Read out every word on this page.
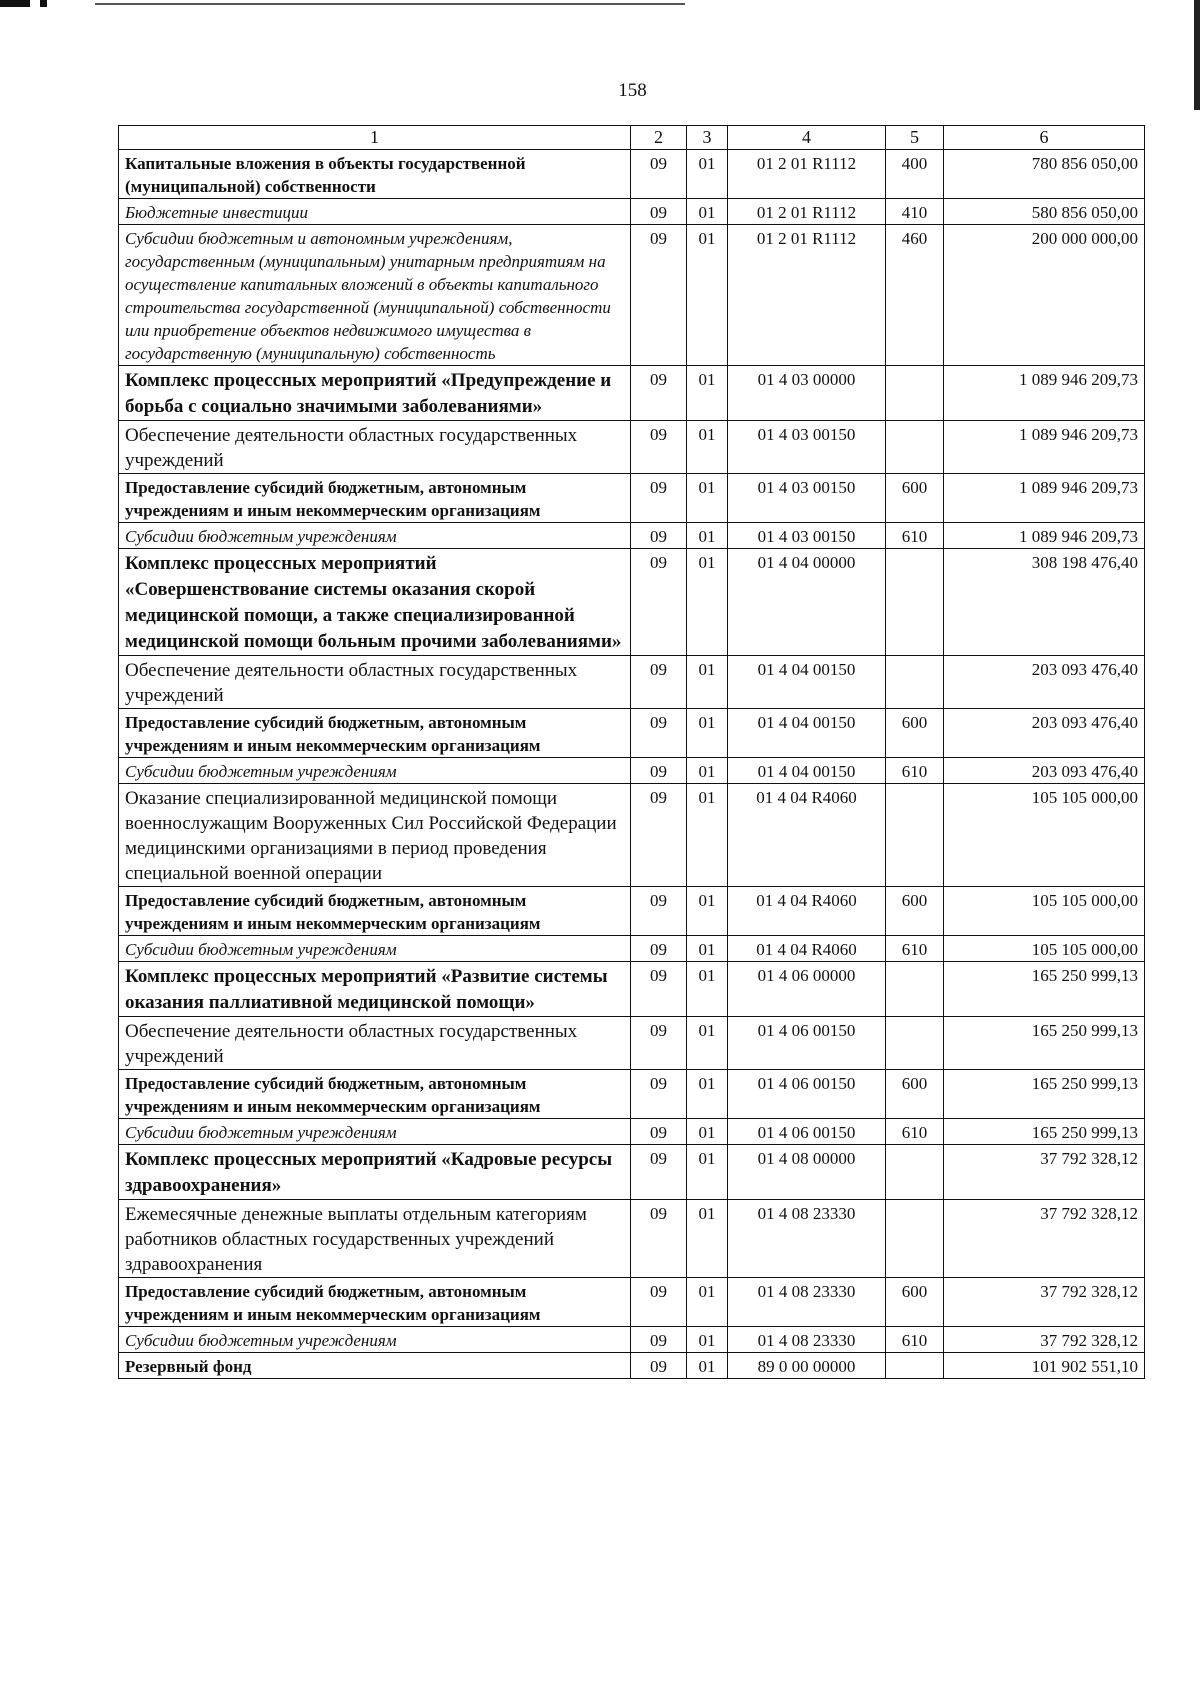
158
1	2	3	4	5	6
Капитальные вложения в объекты государственной (муниципальной) собственности	09	01	01 2 01 R1112	400	780 856 050,00
Бюджетные инвестиции	09	01	01 2 01 R1112	410	580 856 050,00
Субсидии бюджетным и автономным учреждениям, государственным (муниципальным) унитарным предприятиям на осуществление капитальных вложений в объекты капитального строительства государственной (муниципальной) собственности или приобретение объектов недвижимого имущества в государственную (муниципальную) собственность	09	01	01 2 01 R1112	460	200 000 000,00
Комплекс процессных мероприятий «Предупреждение и борьба с социально значимыми заболеваниями»	09	01	01 4 03 00000		1 089 946 209,73
Обеспечение деятельности областных государственных учреждений	09	01	01 4 03 00150		1 089 946 209,73
Предоставление субсидий бюджетным, автономным учреждениям и иным некоммерческим организациям	09	01	01 4 03 00150	600	1 089 946 209,73
Субсидии бюджетным учреждениям	09	01	01 4 03 00150	610	1 089 946 209,73
Комплекс процессных мероприятий «Совершенствование системы оказания скорой медицинской помощи, а также специализированной медицинской помощи больным прочими заболеваниями»	09	01	01 4 04 00000		308 198 476,40
Обеспечение деятельности областных государственных учреждений	09	01	01 4 04 00150		203 093 476,40
Предоставление субсидий бюджетным, автономным учреждениям и иным некоммерческим организациям	09	01	01 4 04 00150	600	203 093 476,40
Субсидии бюджетным учреждениям	09	01	01 4 04 00150	610	203 093 476,40
Оказание специализированной медицинской помощи военнослужащим Вооруженных Сил Российской Федерации медицинскими организациями в период проведения специальной военной операции	09	01	01 4 04 R4060		105 105 000,00
Предоставление субсидий бюджетным, автономным учреждениям и иным некоммерческим организациям	09	01	01 4 04 R4060	600	105 105 000,00
Субсидии бюджетным учреждениям	09	01	01 4 04 R4060	610	105 105 000,00
Комплекс процессных мероприятий «Развитие системы оказания паллиативной медицинской помощи»	09	01	01 4 06 00000		165 250 999,13
Обеспечение деятельности областных государственных учреждений	09	01	01 4 06 00150		165 250 999,13
Предоставление субсидий бюджетным, автономным учреждениям и иным некоммерческим организациям	09	01	01 4 06 00150	600	165 250 999,13
Субсидии бюджетным учреждениям	09	01	01 4 06 00150	610	165 250 999,13
Комплекс процессных мероприятий «Кадровые ресурсы здравоохранения»	09	01	01 4 08 00000		37 792 328,12
Ежемесячные денежные выплаты отдельным категориям работников областных государственных учреждений здравоохранения	09	01	01 4 08 23330		37 792 328,12
Предоставление субсидий бюджетным, автономным учреждениям и иным некоммерческим организациям	09	01	01 4 08 23330	600	37 792 328,12
Субсидии бюджетным учреждениям	09	01	01 4 08 23330	610	37 792 328,12
Резервный фонд	09	01	89 0 00 00000		101 902 551,10
